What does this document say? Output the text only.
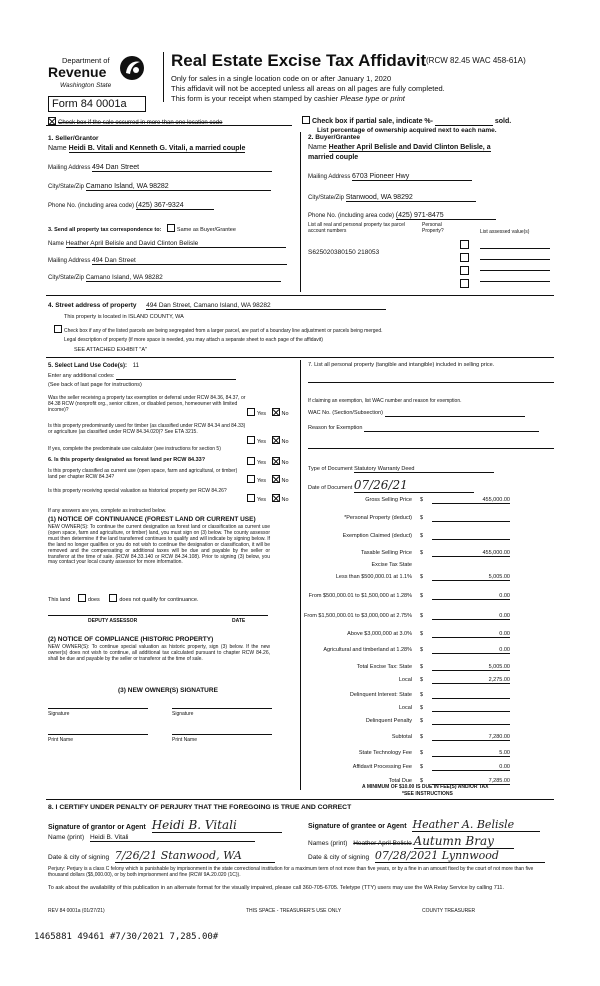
Department of
Revenue
Washington State
Real Estate Excise Tax Affidavit (RCW 82.45 WAC 458-61A)
Only for sales in a single location code on or after January 1, 2020
This affidavit will not be accepted unless all areas on all pages are fully completed.
This form is your receipt when stamped by cashier Please type or print
Form 84 0001a
Check box if the sale occurred in more than one location code	Check box if partial sale, indicate %-	sold.
List percentage of ownership acquired next to each name.
1. Seller/Grantor
Name Heidi B. Vitali and Kenneth G. Vitali, a married couple
Mailing Address 494 Dan Street
City/State/Zip Camano Island, WA 98282
Phone No. (including area code) (425) 367-9324
2. Buyer/Grantee
Name Heather April Belisle and David Clinton Belisle, a
married couple
Mailing Address 6703 Pioneer Hwy
City/State/Zip Stanwood, WA 98292
Phone No. (including area code) (425) 971-8475
3. Send all property tax correspondence to:	Same as Buyer/Grantee
Name Heather April Belisle and David Clinton Belisle
Mailing Address 494 Dan Street
City/State/Zip Camano Island, WA 98282
List all real and personal property tax parcel account numbers
Personal Property?	List assessed value(s)
S625020380150 218053
4. Street address of property 494 Dan Street, Camano Island, WA 98282
This property is located in ISLAND COUNTY, WA
Check box if any of the listed parcels are being segregated from a larger parcel, are part of a boundary line adjustment or parcels being merged.
Legal description of property (if more space is needed, you may attach a separate sheet to each page of the affidavit)
SEE ATTACHED EXHIBIT "A"
5. Select Land Use Code(s): 11
Enter any additional codes:
(See back of last page for instructions)
Was the seller receiving a property tax exemption or deferral under RCW 84.36, 84.37, or 84.38 RCW (nonprofit org., senior citizen, or disabled person, homeowner with limited income)?
Yes	No
Is this property predominantly used for timber (as classified under RCW 84.34 and 84.33) or agriculture (as classified under RCW 84.34.020)? See ETA 3215.
Yes	No
If yes, complete the predominate use calculator (see instructions for section 5)
6. Is this property designated as forest land per RCW 84.33?	Yes	No
Is this property classified as current use (open space, farm and agricultural, or timber) land per chapter RCW 84.34?
Yes	No
Is this property receiving special valuation as historical property per RCW 84.26?
Yes	No
If any answers are yes, complete as instructed below.
(1) NOTICE OF CONTINUANCE (FOREST LAND OR CURRENT USE)
NEW OWNER(S): To continue the current designation as forest land or classification as current use (open space, farm and agriculture, or timber) land, you must sign on (3) below. The county assessor must then determine if the land transferred continues to qualify and will indicate by signing below. If the land no longer qualifies or you do not wish to continue the designation or classification, it will be removed and the compensating or additional taxes will be due and payable by the seller or transferor at the time of sale. (RCW 84.33.140 or RCW 84.34.108). Prior to signing (3) below, you may contact your local county assessor for more information.
This land	does	does not qualify for continuance.
DEPUTY ASSESSOR	DATE
(2) NOTICE OF COMPLIANCE (HISTORIC PROPERTY)
NEW OWNER(S): To continue special valuation as historic property, sign (3) below. If the new owner(s) does not wish to continue, all additional tax calculated pursuant to chapter RCW 84.26, shall be due and payable by the seller or transferor at the time of sale.
(3) NEW OWNER(S) SIGNATURE
Signature	Signature
Print Name	Print Name
7. List all personal property (tangible and intangible) included in selling price.
If claiming an exemption, list WAC number and reason for exemption.
WAC No. (Section/Subsection)
Reason for Exemption
Type of Document Statutory Warranty Deed
Date of Document 07/26/21
Gross Selling Price $	455,000.00
*Personal Property (deduct) $

Exemption Claimed (deduct) $

Taxable Selling Price $	455,000.00
Excise Tax State
Less than $500,000.01 at 1.1% $	5,005.00
From $500,000.01 to $1,500,000 at 1.28% $	0.00
From $1,500,000.01 to $3,000,000 at 2.75% $	0.00
Above $3,000,000 at 3.0% $	0.00
Agricultural and timberland at 1.28% $	0.00
Total Excise Tax: State $	5,005.00
Local $	2,275.00
Delinquent Interest: State $

Local $

Delinquent Penalty $

Subtotal $	7,280.00
State Technology Fee $	5.00
Affidavit Processing Fee $	0.00
Total Due $	7,285.00
A MINIMUM OF $10.00 IS DUE IN FEE(S) AND/OR TAX
*SEE INSTRUCTIONS
8. I CERTIFY UNDER PENALTY OF PERJURY THAT THE FOREGOING IS TRUE AND CORRECT
Signature of grantor or Agent Heidi B. Vitali	Signature of grantee or Agent Heather A. Belisle
Name (print) Heidi B. Vitali
Names (print) Heather April Belisle Autumn Bray
Date & city of signing 7/26/21 Stanwood, WA	Date & city of signing 07/28/2021 Lynnwood
Perjury: Perjury is a class C felony which is punishable by imprisonment in the state correctional institution for a maximum term of not more than five years, or by a fine in an amount fixed by the court of not more than five thousand dollars ($5,000.00), or by both imprisonment and fine (RCW 9A.20.020 (1C)).
To ask about the availability of this publication in an alternate format for the visually impaired, please call 360-705-6705. Teletype (TTY) users may use the WA Relay Service by calling 711.
REV 84 0001a (01/27/21)	THIS SPACE - TREASURER'S USE ONLY	COUNTY TREASURER
1465881 49461 #7/30/2021 7,285.00#
